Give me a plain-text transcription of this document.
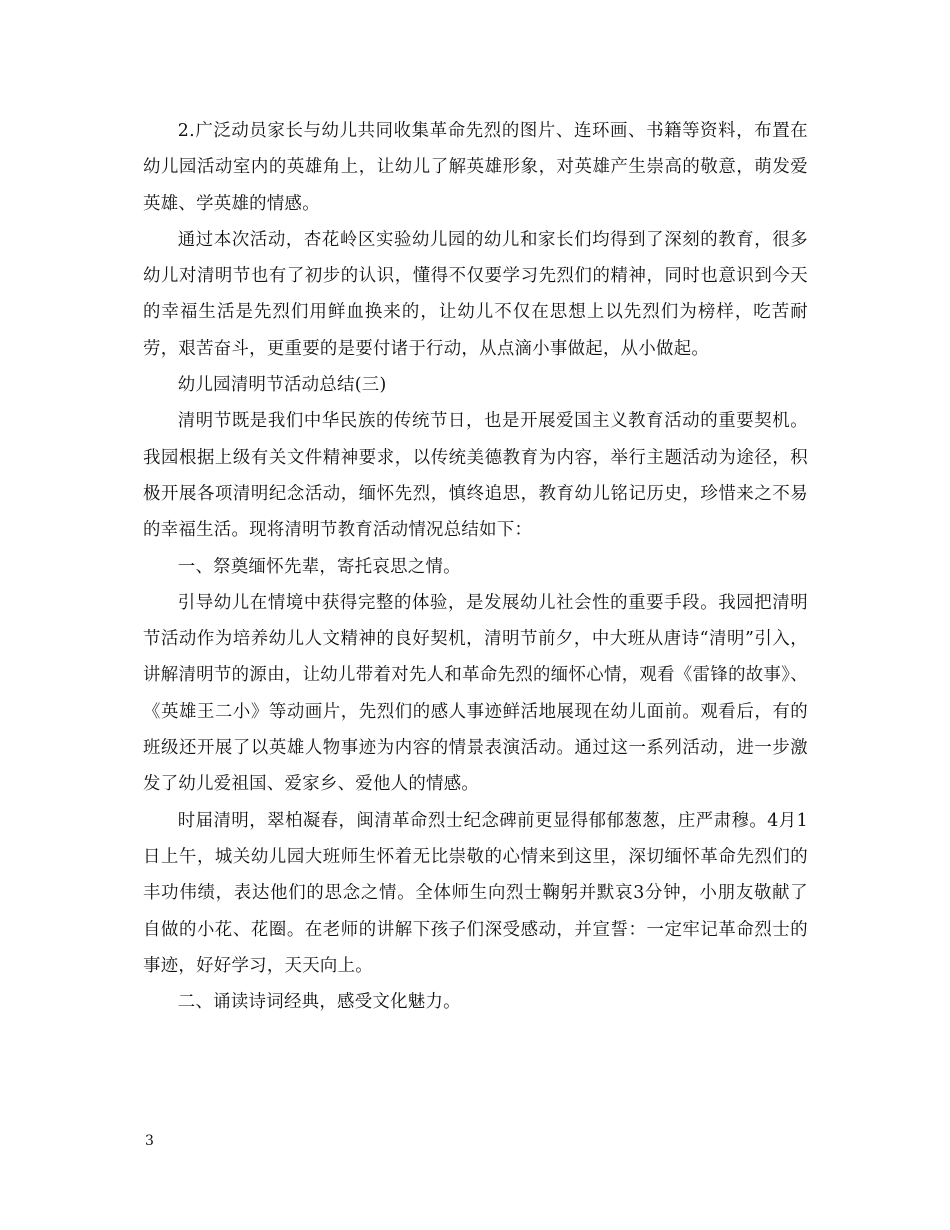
2.广泛动员家长与幼儿共同收集革命先烈的图片、连环画、书籍等资料，布置在幼儿园活动室内的英雄角上，让幼儿了解英雄形象，对英雄产生崇高的敬意，萌发爱英雄、学英雄的情感。

通过本次活动，杏花岭区实验幼儿园的幼儿和家长们均得到了深刻的教育，很多幼儿对清明节也有了初步的认识，懂得不仅要学习先烈们的精神，同时也意识到今天的幸福生活是先烈们用鲜血换来的，让幼儿不仅在思想上以先烈们为榜样，吃苦耐劳，艰苦奋斗，更重要的是要付诸于行动，从点滴小事做起，从小做起。

幼儿园清明节活动总结(三)

清明节既是我们中华民族的传统节日，也是开展爱国主义教育活动的重要契机。我园根据上级有关文件精神要求，以传统美德教育为内容，举行主题活动为途径，积极开展各项清明纪念活动，缅怀先烈，慎终追思，教育幼儿铭记历史，珍惜来之不易的幸福生活。现将清明节教育活动情况总结如下：

一、祭奠缅怀先辈，寄托哀思之情。

引导幼儿在情境中获得完整的体验，是发展幼儿社会性的重要手段。我园把清明节活动作为培养幼儿人文精神的良好契机，清明节前夕，中大班从唐诗“清明”引入，讲解清明节的源由，让幼儿带着对先人和革命先烈的缅怀心情，观看《雷锋的故事》、《英雄王二小》等动画片，先烈们的感人事迹鲜活地展现在幼儿面前。观看后，有的班级还开展了以英雄人物事迹为内容的情景表演活动。通过这一系列活动，进一步激发了幼儿爱祖国、爱家乡、爱他人的情感。

时届清明，翠柏凝春，闽清革命烈士纪念碑前更显得郁郁葱葱，庄严肃穆。4月1日上午，城关幼儿园大班师生怀着无比崇敬的心情来到这里，深切缅怀革命先烈们的丰功伟绩，表达他们的思念之情。全体师生向烈士鞠躬并默哀3分钟，小朋友敬献了自做的小花、花圈。在老师的讲解下孩子们深受感动，并宣誓：一定牢记革命烈士的事迹，好好学习，天天向上。

二、诵读诗词经典，感受文化魅力。

3
